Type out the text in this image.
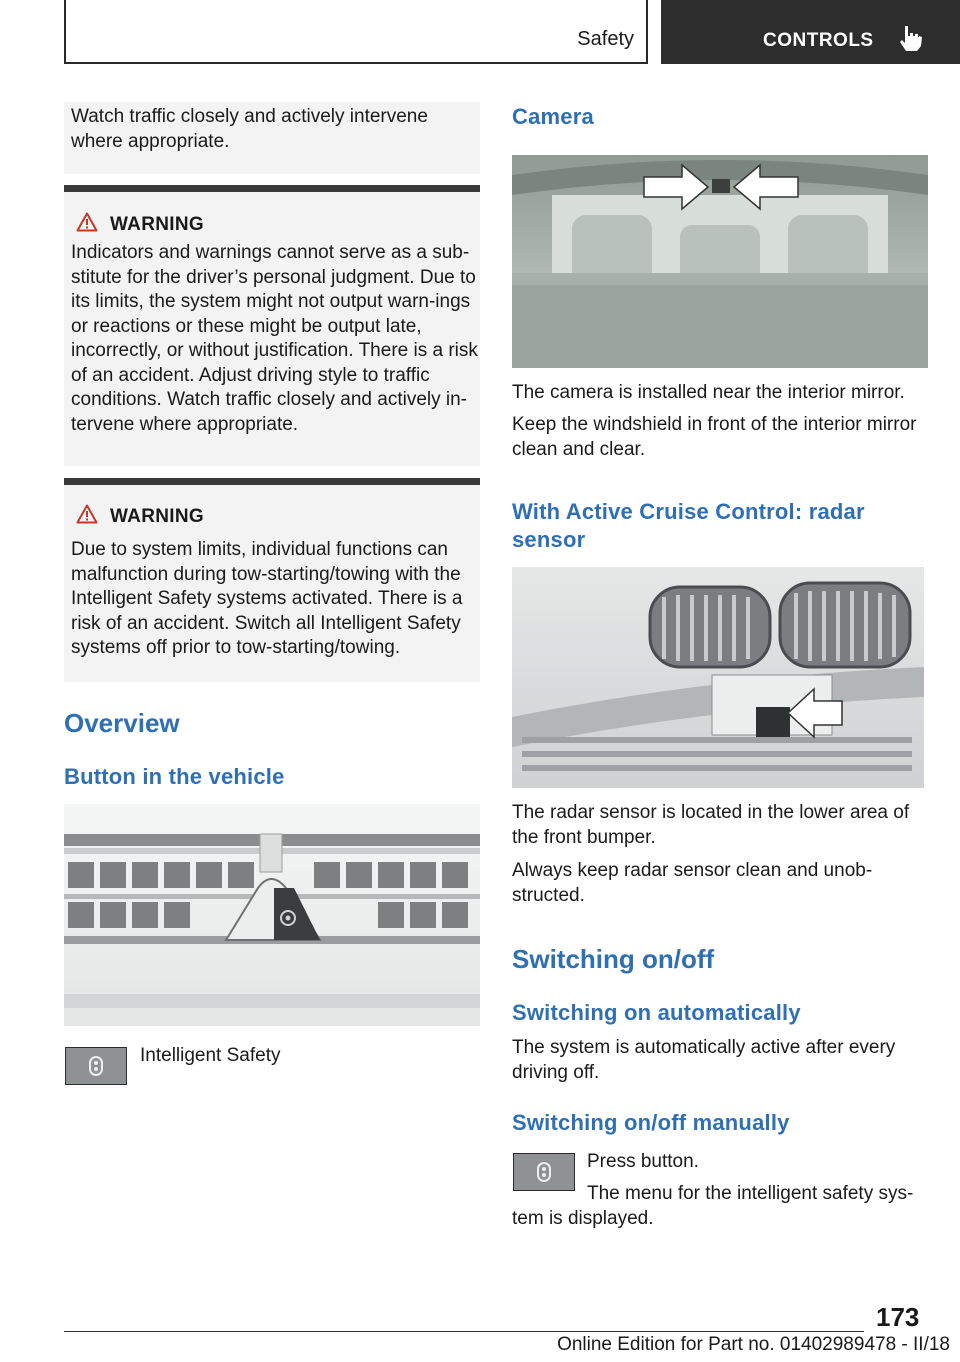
Safety	CONTROLS
Watch traffic closely and actively intervene where appropriate.
WARNING
Indicators and warnings cannot serve as a sub-stitute for the driver’s personal judgment. Due to its limits, the system might not output warn-ings or reactions or these might be output late, incorrectly, or without justification. There is a risk of an accident. Adjust driving style to traffic conditions. Watch traffic closely and actively in-tervene where appropriate.
WARNING
Due to system limits, individual functions can malfunction during tow-starting/towing with the Intelligent Safety systems activated. There is a risk of an accident. Switch all Intelligent Safety systems off prior to tow-starting/towing.
Overview
Button in the vehicle
Intelligent Safety
Camera
The camera is installed near the interior mirror.
Keep the windshield in front of the interior mirror clean and clear.
With Active Cruise Control: radar sensor
The radar sensor is located in the lower area of the front bumper.
Always keep radar sensor clean and unob-structed.
Switching on/off
Switching on automatically
The system is automatically active after every driving off.
Switching on/off manually
Press button.
The menu for the intelligent safety sys-tem is displayed.
173
Online Edition for Part no. 01402989478 - II/18
